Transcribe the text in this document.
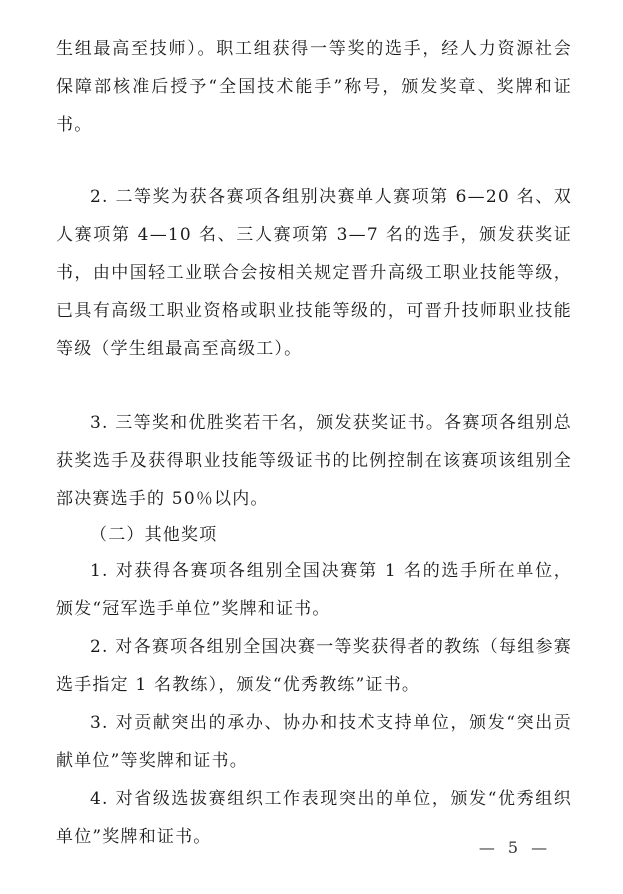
生组最高至技师）。职工组获得一等奖的选手，经人力资源社会保障部核准后授予“全国技术能手”称号，颁发奖章、奖牌和证书。

2. 二等奖为获各赛项各组别决赛单人赛项第 6—20 名、双人赛项第 4—10 名、三人赛项第 3—7 名的选手，颁发获奖证书，由中国轻工业联合会按相关规定晋升高级工职业技能等级，已具有高级工职业资格或职业技能等级的，可晋升技师职业技能等级（学生组最高至高级工）。

3. 三等奖和优胜奖若干名，颁发获奖证书。各赛项各组别总获奖选手及获得职业技能等级证书的比例控制在该赛项该组别全部决赛选手的 50％以内。

（二）其他奖项

1. 对获得各赛项各组别全国决赛第 1 名的选手所在单位，颁发“冠军选手单位”奖牌和证书。

2. 对各赛项各组别全国决赛一等奖获得者的教练（每组参赛选手指定 1 名教练），颁发“优秀教练”证书。

3. 对贡献突出的承办、协办和技术支持单位，颁发“突出贡献单位”等奖牌和证书。

4. 对省级选拔赛组织工作表现突出的单位，颁发“优秀组织单位”奖牌和证书。

— 5 —
